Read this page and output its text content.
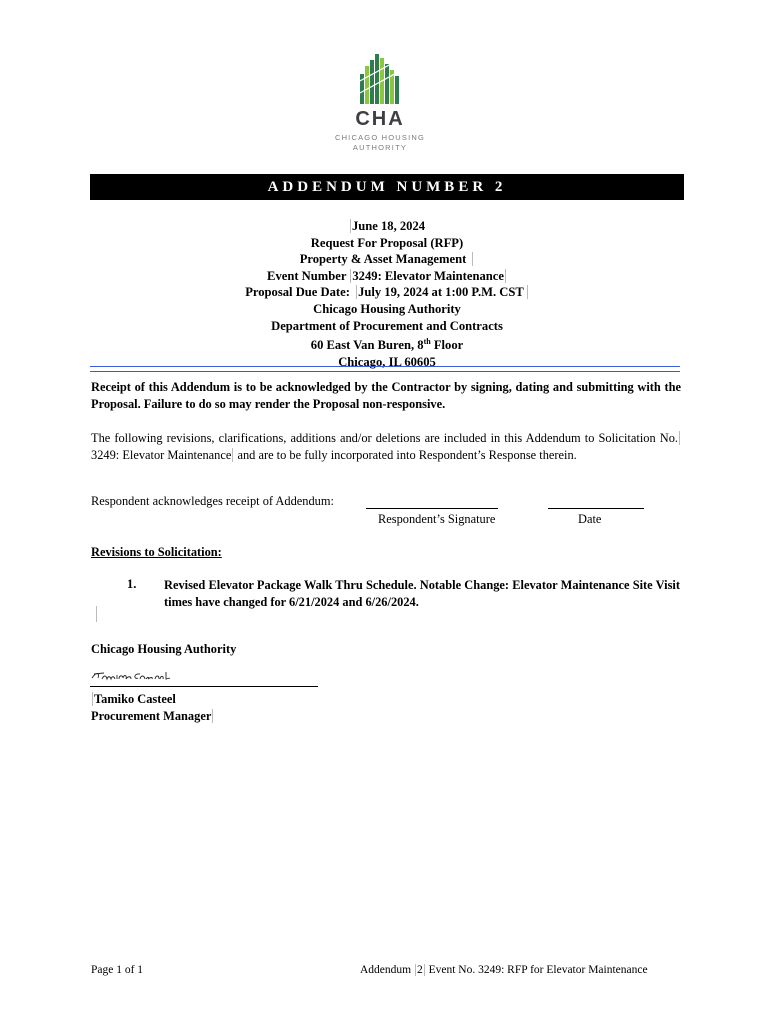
CHA
CHICAGO HOUSING
AUTHORITY
ADDENDUM NUMBER 2
June 18, 2024
Request For Proposal (RFP)
Property & Asset Management
Event Number 3249: Elevator Maintenance
Proposal Due Date: July 19, 2024 at 1:00 P.M. CST
Chicago Housing Authority
Department of Procurement and Contracts
60 East Van Buren, 8th Floor
Chicago, IL 60605
Receipt of this Addendum is to be acknowledged by the Contractor by signing, dating and submitting with the Proposal. Failure to do so may render the Proposal non-responsive.
The following revisions, clarifications, additions and/or deletions are included in this Addendum to Solicitation No. 3249: Elevator Maintenance and are to be fully incorporated into Respondent’s Response therein.
Respondent acknowledges receipt of Addendum:
Respondent’s Signature	Date
Revisions to Solicitation:
1. Revised Elevator Package Walk Thru Schedule. Notable Change: Elevator Maintenance Site Visit times have changed for 6/21/2024 and 6/26/2024.
Chicago Housing Authority
Tamiko Casteel
Procurement Manager
Page 1 of 1	Addendum 2 Event No. 3249: RFP for Elevator Maintenance
